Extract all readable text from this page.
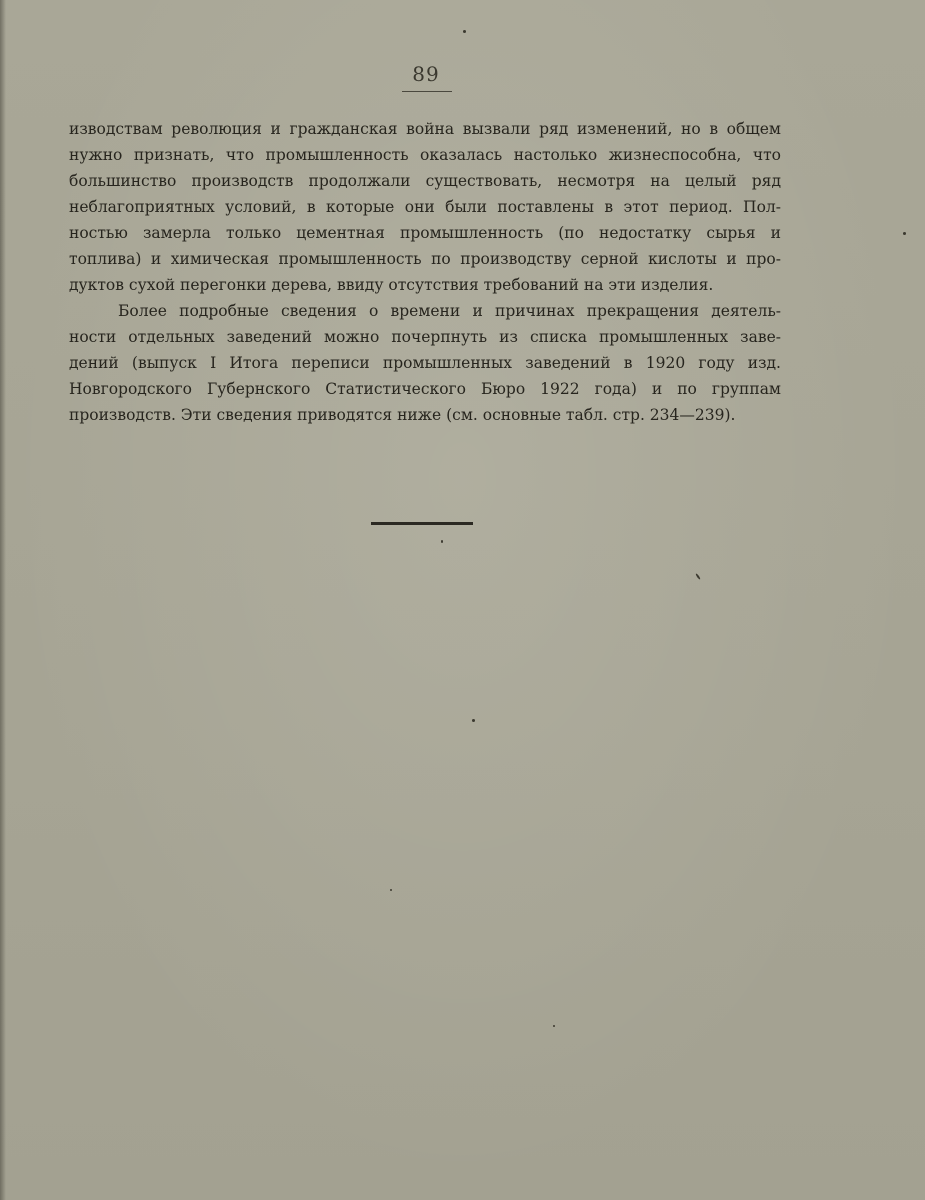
89
изводствам революция и гражданская война вызвали ряд изменений, но в общем
нужно признать, что промышленность оказалась настолько жизнеспособна, что
большинство производств продолжали существовать, несмотря на целый ряд
неблагоприятных условий, в которые они были поставлены в этот период. Пол-
ностью замерла только цементная промышленность (по недостатку сырья и
топлива) и химическая промышленность по производству серной кислоты и про-
дуктов сухой перегонки дерева, ввиду отсутствия требований на эти изделия.
Более подробные сведения о времени и причинах прекращения деятель-
ности отдельных заведений можно почерпнуть из списка промышленных заве-
дений (выпуск I Итога переписи промышленных заведений в 1920 году изд.
Новгородского Губернского Статистического Бюро 1922 года) и по группам
производств. Эти сведения приводятся ниже (см. основные табл. стр. 234—239).
